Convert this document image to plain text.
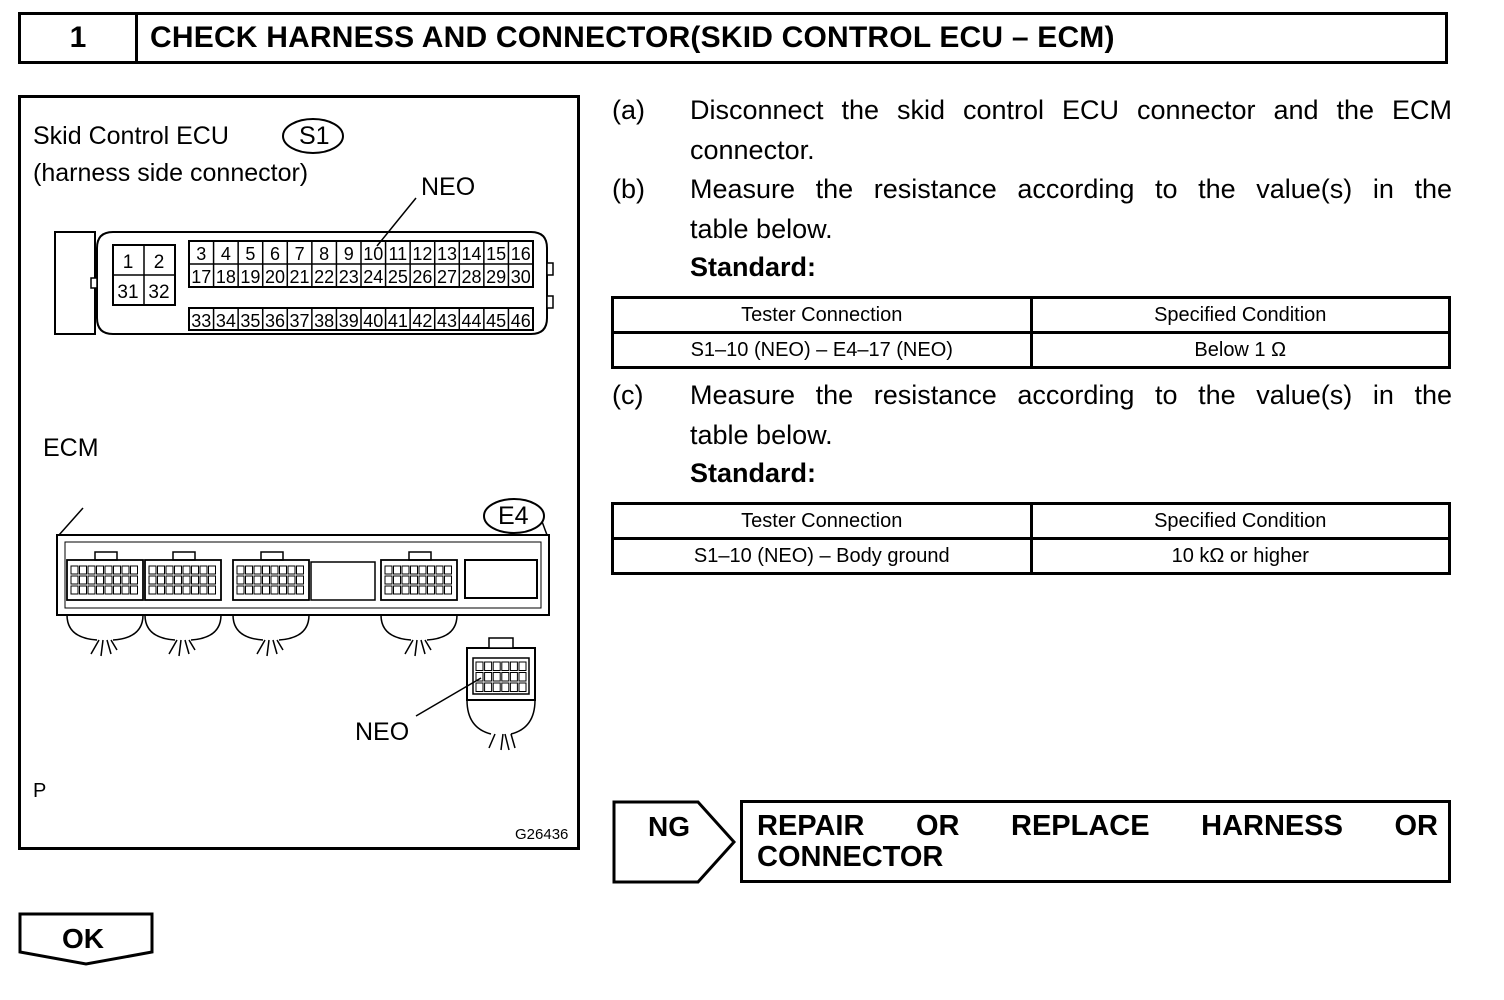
1	CHECK HARNESS AND CONNECTOR(SKID CONTROL ECU – ECM)
3 4 5 6 7 8 9 10 11 12 13 14 15 16
17 18 19 20 21 22 23 24 25 26 27 28 29 30
33 34 35 36 37 38 39 40 41 42 43 44 45 46
1 2
31 32
Skid Control ECU	S1
(harness side connector)	NEO
ECM
E4
NEO
P
G26436
(a) Disconnect the skid control ECU connector and the ECM
connector.
(b) Measure the resistance according to the value(s) in the
table below.
Standard:
Tester Connection	Specified Condition
S1–10 (NEO) – E4–17 (NEO)	Below 1 Ω
(c) Measure the resistance according to the value(s) in the
table below.
Standard:
Tester Connection	Specified Condition
S1–10 (NEO) – Body ground	10 kΩ or higher
NG REPAIR OR REPLACE HARNESS OR
CONNECTOR
OK
